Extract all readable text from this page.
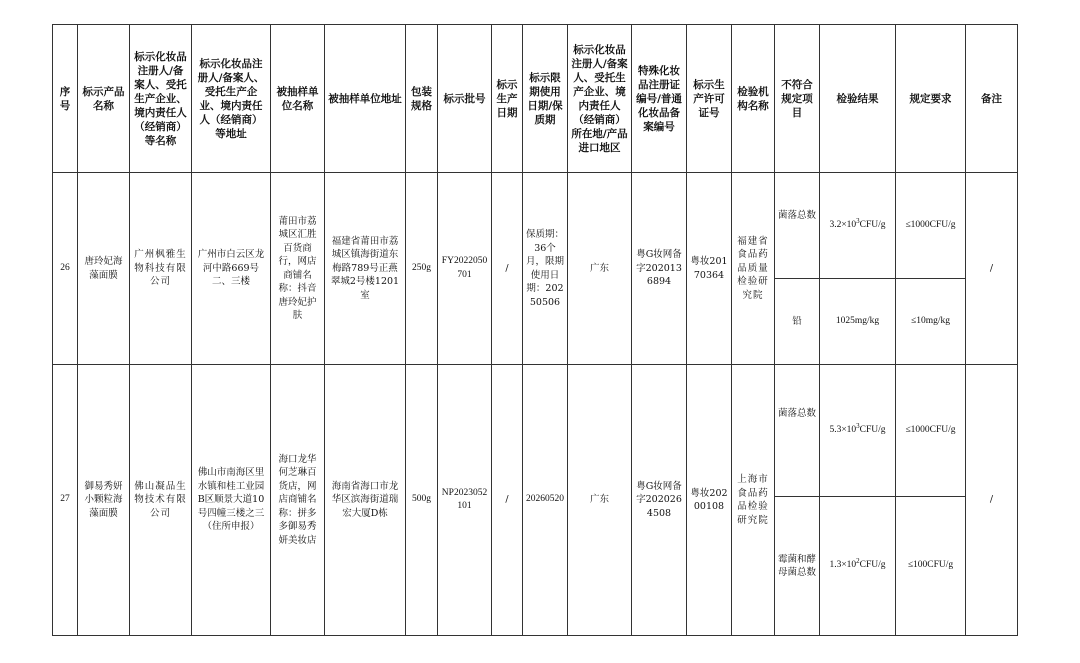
序号	标示产品名称	标示化妆品注册人/备案人、受托生产企业、境内责任人（经销商）等名称	标示化妆品注册人/备案人、受托生产企业、境内责任人（经销商）等地址	被抽样单位名称	被抽样单位地址	包装规格	标示批号	标示生产日期	标示限期使用日期/保质期	标示化妆品注册人/备案人、受托生产企业、境内责任人（经销商）所在地/产品进口地区	特殊化妆品注册证编号/普通化妆品备案编号	标示生产许可证号	检验机构名称	不符合规定项目	检验结果	规定要求	备注
26	唐玲妃海藻面膜	广州枫雅生物科技有限公司	广州市白云区龙河中路669号二、三楼	莆田市荔城区汇胜百货商行，网店商铺名称：抖音唐玲妃护肤	福建省莆田市荔城区镇海街道东梅路789号正燕翠城2号楼1201室	250g	FY2022050701	/	保质期：36个月，限期使用日期：20250506	广东	粤G妆网备字2020136894	粤妆20170364	福建省食品药品质量检验研究院	菌落总数	$3.2\times 10^3CFU/g$	≤1000CFU/g	/
														铅	1025mg/kg	≤10mg/kg	
27	御易秀妍小颗粒海藻面膜	佛山凝品生物技术有限公司	佛山市南海区里水镇和桂工业园B区顺景大道10号四幢三楼之三（住所申报）	海口龙华何芝琳百货店，网店商铺名称：拼多多御易秀妍美妆店	海南省海口市龙华区滨海街道瑞宏大厦D栋	500g	NP2023052101	/	20260520	广东	粤G妆网备字2020264508	粤妆20200108	上海市食品药品检验研究院	菌落总数	$5.3\times 10^3CFU/g$	≤1000CFU/g	/
														霉菌和酵母菌总数	$1.3\times 10^2CFU/g$	≤100CFU/g	
